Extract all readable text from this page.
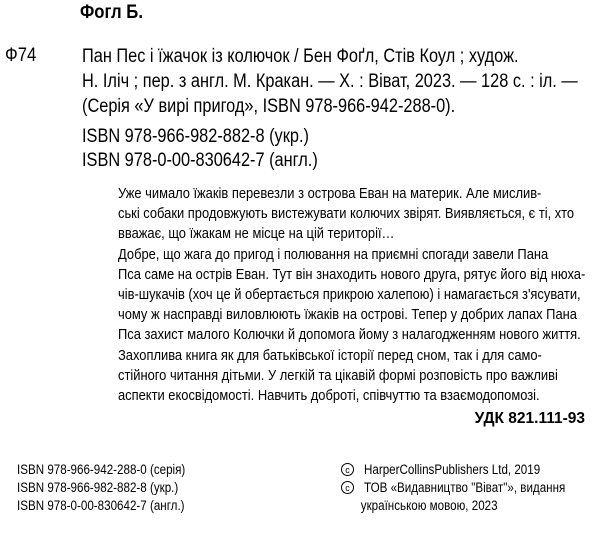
Фогл Б.
Ф74 Пан Пес і їжачок із колючок / Бен Фоґл, Стів Коул ; худож.
Н. Іліч ; пер. з англ. М. Кракан. — Х. : Віват, 2023. — 128 с. : іл. —
(Серія «У вирі пригод», ISBN 978-966-942-288-0).
ISBN 978-966-982-882-8 (укр.)
ISBN 978-0-00-830642-7 (англ.)
Уже чималo їжаків перевезли з острова Еван на материк. Але мислив-
ські собаки продовжують вистежувати колючих звірят. Виявляється, є ті, хто
вважає, що їжакам не місце на цій території…
Добре, що жага до пригод і полювання на приємні спогади завели Пана
Пса саме на острів Еван. Тут він знаходить нового друга, рятує його від нюха-
чів-шукачів (хоч це й обертається прикрою халепою) і намагається з'ясувати,
чому ж насправді виловлюють їжаків на острові. Тепер у добрих лапах Пана
Пса захист малого Колючки й допомога йому з налагодженням нового життя.
Захоплива книга як для батьківської історії перед сном, так і для само-
стійного читання дітьми. У легкій та цікавій формі розповість про важливі
аспекти екосвідомості. Навчить доброті, співчуттю та взаємодопомозі.
УДК 821.111-93
ISBN 978-966-942-288-0 (серія)
ISBN 978-966-982-882-8 (укр.)
ISBN 978-0-00-830642-7 (англ.)
c	HarperCollinsPublishers Ltd, 2019
c	ТОВ «Видавництво "Віват"», видання
українською мовою, 2023
